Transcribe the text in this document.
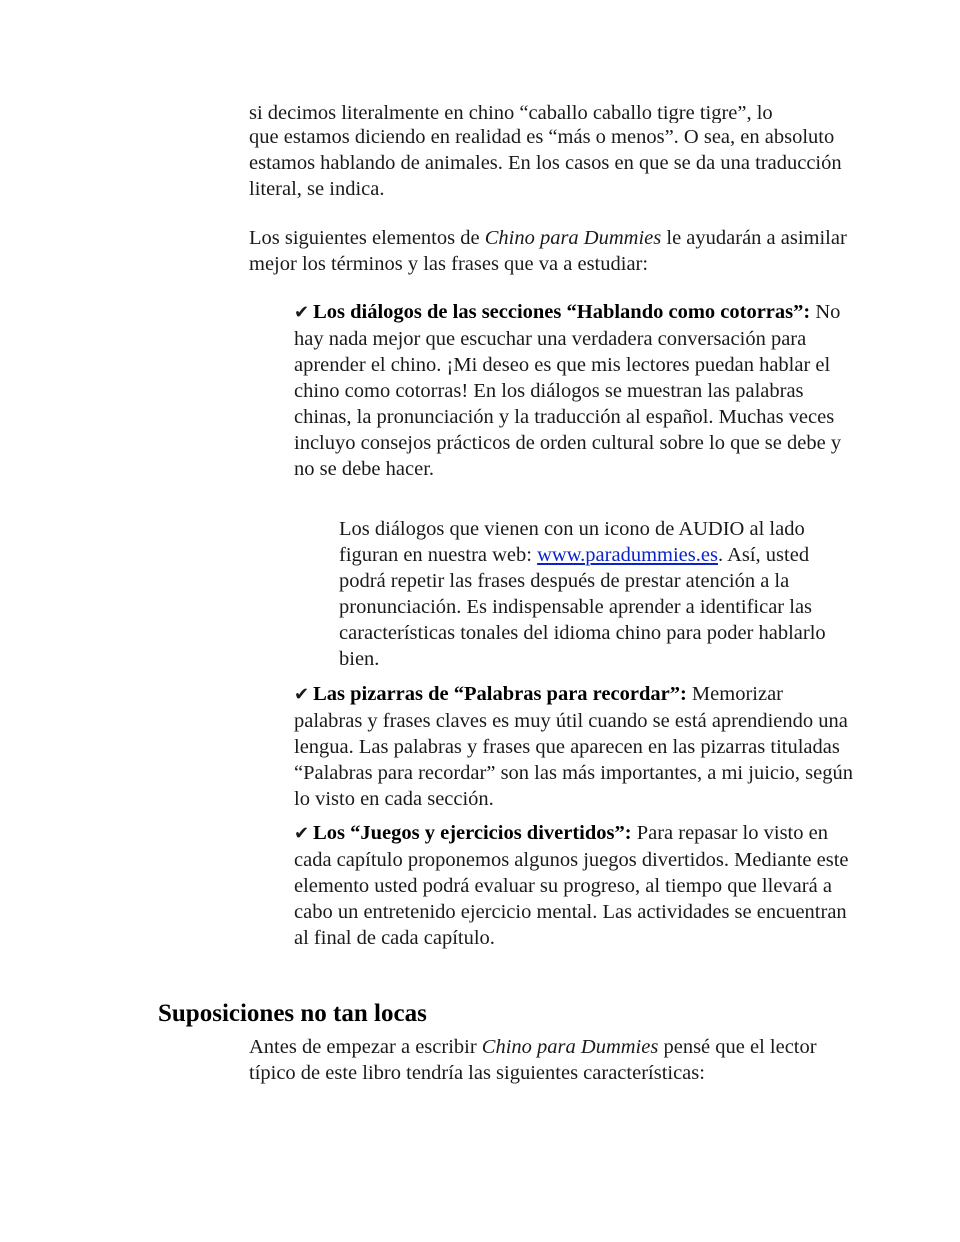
si decimos literalmente en chino “caballo caballo tigre tigre”, lo

que estamos diciendo en realidad es “más o menos”. O sea, en absoluto estamos hablando de animales. En los casos en que se da una traducción literal, se indica.

Los siguientes elementos de Chino para Dummies le ayudarán a asimilar mejor los términos y las frases que va a estudiar:

✔ Los diálogos de las secciones “Hablando como cotorras”: No hay nada mejor que escuchar una verdadera conversación para aprender el chino. ¡Mi deseo es que mis lectores puedan hablar el chino como cotorras! En los diálogos se muestran las palabras chinas, la pronunciación y la traducción al español. Muchas veces incluyo consejos prácticos de orden cultural sobre lo que se debe y no se debe hacer.

Los diálogos que vienen con un icono de AUDIO al lado figuran en nuestra web: www.paradummies.es. Así, usted podrá repetir las frases después de prestar atención a la pronunciación. Es indispensable aprender a identificar las características tonales del idioma chino para poder hablarlo bien.

✔ Las pizarras de “Palabras para recordar”: Memorizar palabras y frases claves es muy útil cuando se está aprendiendo una lengua. Las palabras y frases que aparecen en las pizarras tituladas “Palabras para recordar” son las más importantes, a mi juicio, según lo visto en cada sección.

✔ Los “Juegos y ejercicios divertidos”: Para repasar lo visto en cada capítulo proponemos algunos juegos divertidos. Mediante este elemento usted podrá evaluar su progreso, al tiempo que llevará a cabo un entretenido ejercicio mental. Las actividades se encuentran al final de cada capítulo.

Suposiciones no tan locas

Antes de empezar a escribir Chino para Dummies pensé que el lector típico de este libro tendría las siguientes características:
